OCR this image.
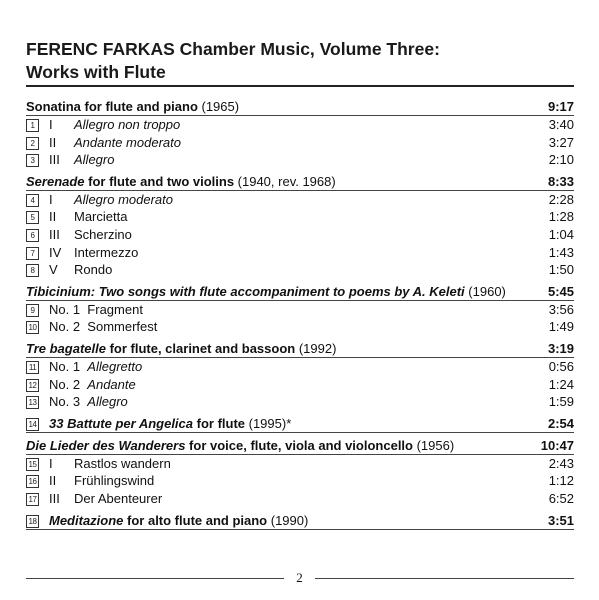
FERENC FARKAS Chamber Music, Volume Three:
Works with Flute
Sonatina for flute and piano (1965)	9:17
1	I Allegro non troppo	3:40
2	II Andante moderato	3:27
3	III Allegro	2:10
Serenade for flute and two violins (1940, rev. 1968)	8:33
4	I Allegro moderato	2:28
5	II Marcietta	1:28
6	III Scherzino	1:04
7	IV Intermezzo	1:43
8	V Rondo	1:50
Tibicinium: Two songs with flute accompaniment to poems by A. Keleti (1960)	5:45
9	No. 1  Fragment	3:56
10 No. 2  Sommerfest	1:49
Tre bagatelle for flute, clarinet and bassoon (1992)	3:19
11 No. 1  Allegretto	0:56
12 No. 2  Andante	1:24
13 No. 3  Allegro	1:59
14 33 Battute per Angelica for flute (1995)*	2:54
Die Lieder des Wanderers for voice, flute, viola and violoncello (1956)	10:47
15 I Rastlos wandern	2:43
16 II Frühlingswind	1:12
17 III Der Abenteurer	6:52
18 Meditazione for alto flute and piano (1990)	3:51
2
